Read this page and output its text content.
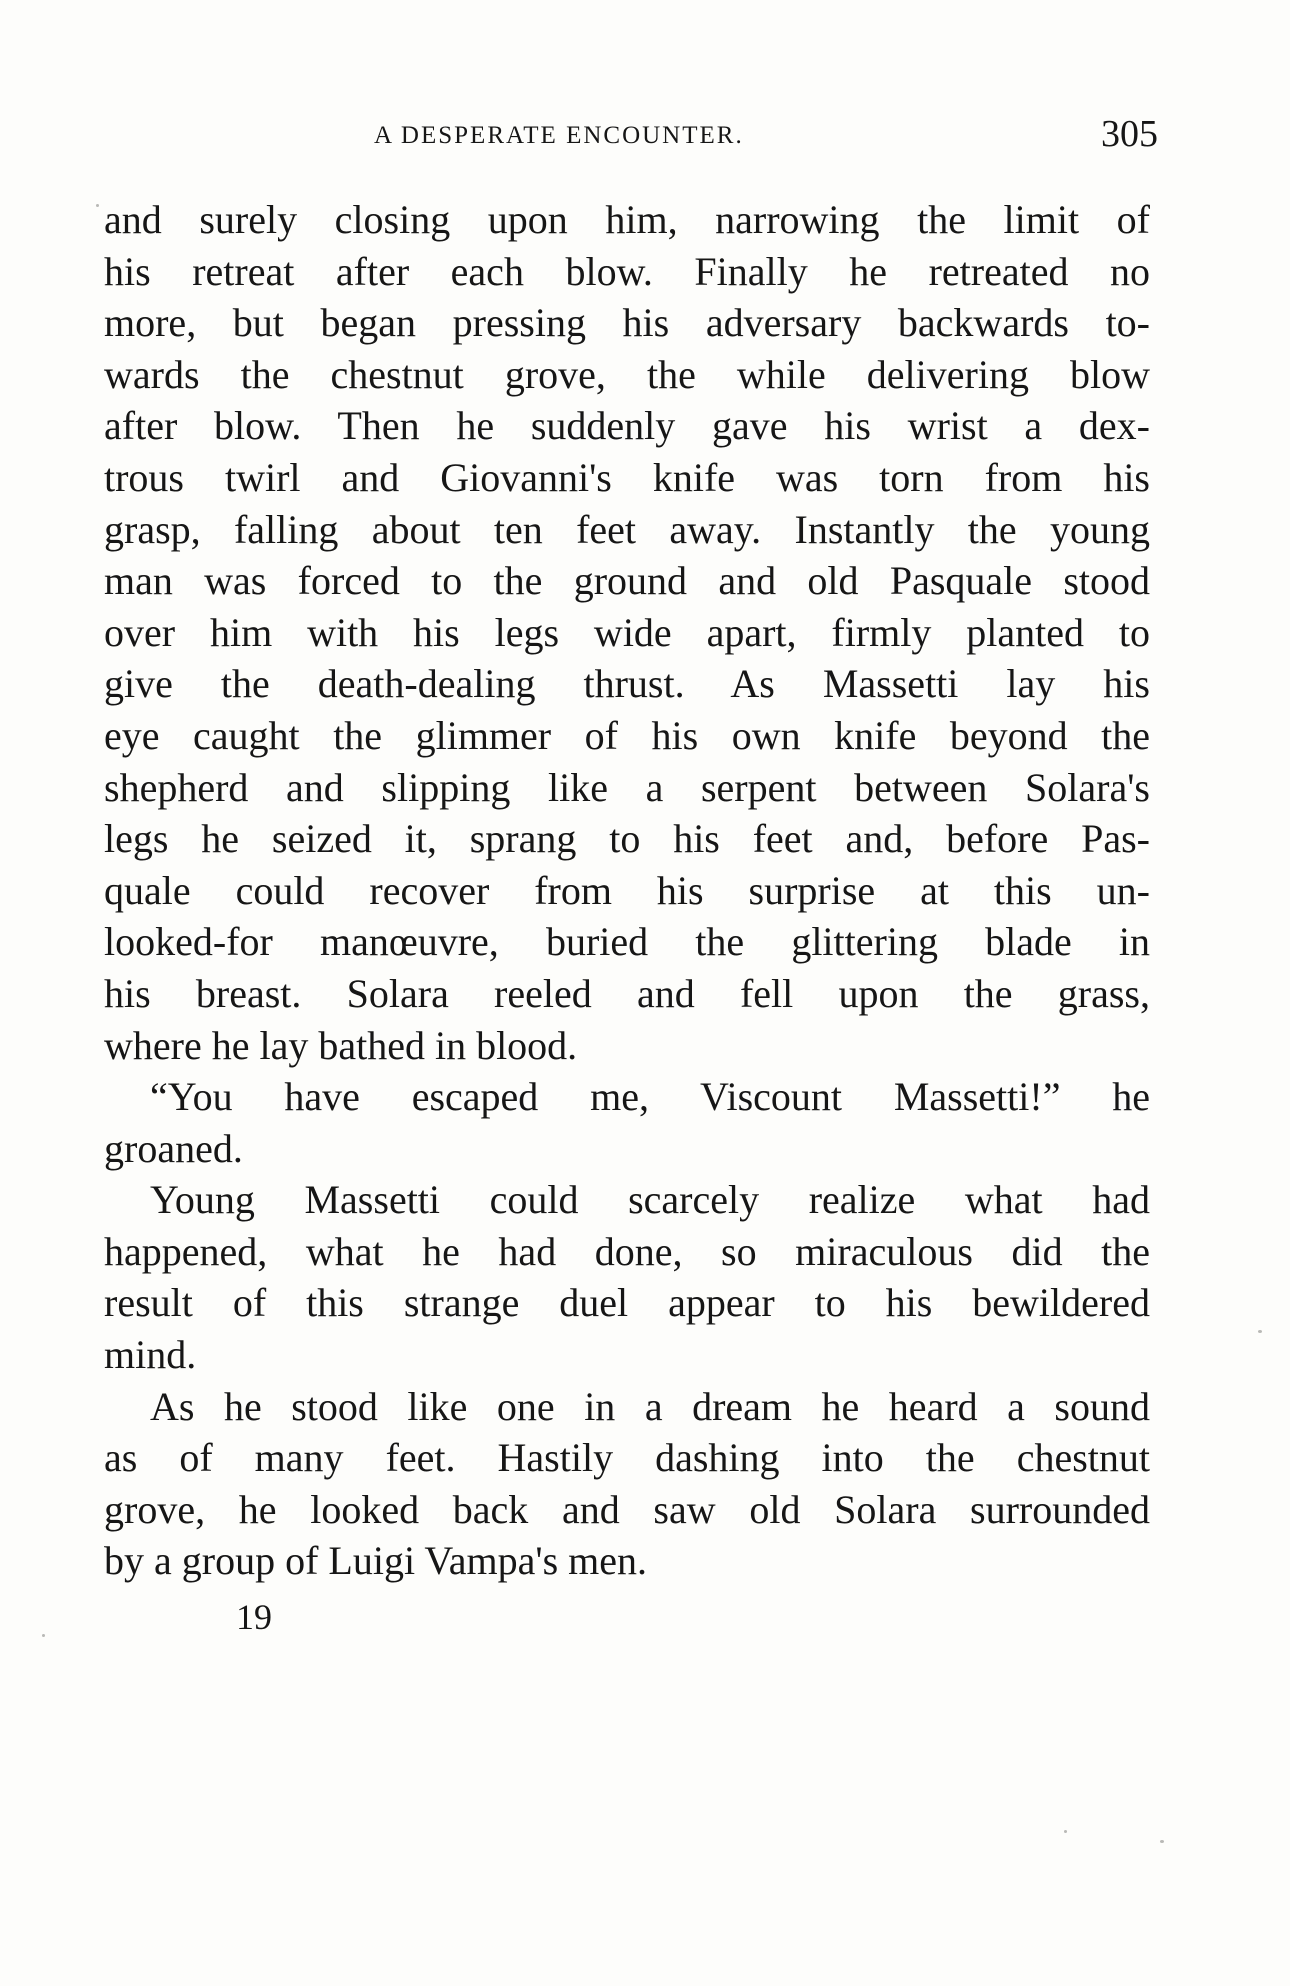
A DESPERATE ENCOUNTER.	305
and surely closing upon him, narrowing the limit of
his retreat after each blow. Finally he retreated no
more, but began pressing his adversary backwards to-
wards the chestnut grove, the while delivering blow
after blow. Then he suddenly gave his wrist a dex-
trous twirl and Giovanni's knife was torn from his
grasp, falling about ten feet away. Instantly the young
man was forced to the ground and old Pasquale stood
over him with his legs wide apart, firmly planted to
give the death-dealing thrust. As Massetti lay his
eye caught the glimmer of his own knife beyond the
shepherd and slipping like a serpent between Solara's
legs he seized it, sprang to his feet and, before Pas-
quale could recover from his surprise at this un-
looked-for manœuvre, buried the glittering blade in
his breast. Solara reeled and fell upon the grass,
where he lay bathed in blood.
“You have escaped me, Viscount Massetti!” he
groaned.
Young Massetti could scarcely realize what had
happened, what he had done, so miraculous did the
result of this strange duel appear to his bewildered
mind.
As he stood like one in a dream he heard a sound
as of many feet. Hastily dashing into the chestnut
grove, he looked back and saw old Solara surrounded
by a group of Luigi Vampa's men.
19
